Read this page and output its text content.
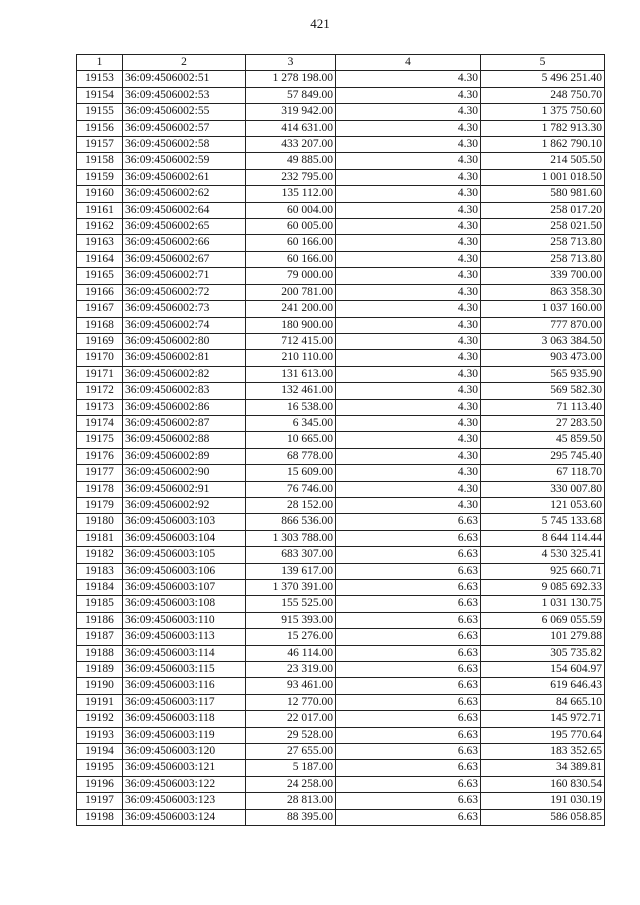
421
1	2	3	4	5
19153	36:09:4506002:51	1 278 198.00	4.30	5 496 251.40
19154	36:09:4506002:53	57 849.00	4.30	248 750.70
19155	36:09:4506002:55	319 942.00	4.30	1 375 750.60
19156	36:09:4506002:57	414 631.00	4.30	1 782 913.30
19157	36:09:4506002:58	433 207.00	4.30	1 862 790.10
19158	36:09:4506002:59	49 885.00	4.30	214 505.50
19159	36:09:4506002:61	232 795.00	4.30	1 001 018.50
19160	36:09:4506002:62	135 112.00	4.30	580 981.60
19161	36:09:4506002:64	60 004.00	4.30	258 017.20
19162	36:09:4506002:65	60 005.00	4.30	258 021.50
19163	36:09:4506002:66	60 166.00	4.30	258 713.80
19164	36:09:4506002:67	60 166.00	4.30	258 713.80
19165	36:09:4506002:71	79 000.00	4.30	339 700.00
19166	36:09:4506002:72	200 781.00	4.30	863 358.30
19167	36:09:4506002:73	241 200.00	4.30	1 037 160.00
19168	36:09:4506002:74	180 900.00	4.30	777 870.00
19169	36:09:4506002:80	712 415.00	4.30	3 063 384.50
19170	36:09:4506002:81	210 110.00	4.30	903 473.00
19171	36:09:4506002:82	131 613.00	4.30	565 935.90
19172	36:09:4506002:83	132 461.00	4.30	569 582.30
19173	36:09:4506002:86	16 538.00	4.30	71 113.40
19174	36:09:4506002:87	6 345.00	4.30	27 283.50
19175	36:09:4506002:88	10 665.00	4.30	45 859.50
19176	36:09:4506002:89	68 778.00	4.30	295 745.40
19177	36:09:4506002:90	15 609.00	4.30	67 118.70
19178	36:09:4506002:91	76 746.00	4.30	330 007.80
19179	36:09:4506002:92	28 152.00	4.30	121 053.60
19180	36:09:4506003:103	866 536.00	6.63	5 745 133.68
19181	36:09:4506003:104	1 303 788.00	6.63	8 644 114.44
19182	36:09:4506003:105	683 307.00	6.63	4 530 325.41
19183	36:09:4506003:106	139 617.00	6.63	925 660.71
19184	36:09:4506003:107	1 370 391.00	6.63	9 085 692.33
19185	36:09:4506003:108	155 525.00	6.63	1 031 130.75
19186	36:09:4506003:110	915 393.00	6.63	6 069 055.59
19187	36:09:4506003:113	15 276.00	6.63	101 279.88
19188	36:09:4506003:114	46 114.00	6.63	305 735.82
19189	36:09:4506003:115	23 319.00	6.63	154 604.97
19190	36:09:4506003:116	93 461.00	6.63	619 646.43
19191	36:09:4506003:117	12 770.00	6.63	84 665.10
19192	36:09:4506003:118	22 017.00	6.63	145 972.71
19193	36:09:4506003:119	29 528.00	6.63	195 770.64
19194	36:09:4506003:120	27 655.00	6.63	183 352.65
19195	36:09:4506003:121	5 187.00	6.63	34 389.81
19196	36:09:4506003:122	24 258.00	6.63	160 830.54
19197	36:09:4506003:123	28 813.00	6.63	191 030.19
19198	36:09:4506003:124	88 395.00	6.63	586 058.85
